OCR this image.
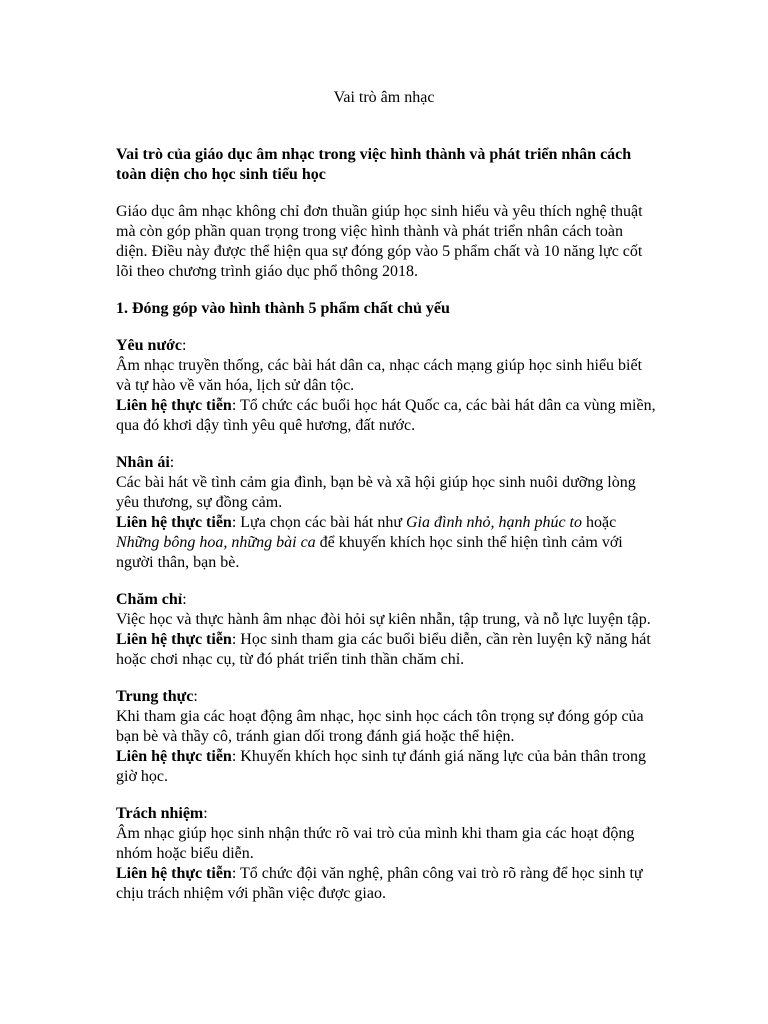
Vai trò âm nhạc

Vai trò của giáo dục âm nhạc trong việc hình thành và phát triển nhân cách toàn diện cho học sinh tiểu học

Giáo dục âm nhạc không chỉ đơn thuần giúp học sinh hiểu và yêu thích nghệ thuật mà còn góp phần quan trọng trong việc hình thành và phát triển nhân cách toàn diện. Điều này được thể hiện qua sự đóng góp vào 5 phẩm chất và 10 năng lực cốt lõi theo chương trình giáo dục phổ thông 2018.

1. Đóng góp vào hình thành 5 phẩm chất chủ yếu

Yêu nước:

Âm nhạc truyền thống, các bài hát dân ca, nhạc cách mạng giúp học sinh hiểu biết và tự hào về văn hóa, lịch sử dân tộc.

Liên hệ thực tiễn: Tổ chức các buổi học hát Quốc ca, các bài hát dân ca vùng miền, qua đó khơi dậy tình yêu quê hương, đất nước.

Nhân ái:

Các bài hát về tình cảm gia đình, bạn bè và xã hội giúp học sinh nuôi dưỡng lòng yêu thương, sự đồng cảm.

Liên hệ thực tiễn: Lựa chọn các bài hát như Gia đình nhỏ, hạnh phúc to hoặc Những bông hoa, những bài ca để khuyến khích học sinh thể hiện tình cảm với người thân, bạn bè.

Chăm chỉ:

Việc học và thực hành âm nhạc đòi hỏi sự kiên nhẫn, tập trung, và nỗ lực luyện tập.

Liên hệ thực tiễn: Học sinh tham gia các buổi biểu diễn, cần rèn luyện kỹ năng hát hoặc chơi nhạc cụ, từ đó phát triển tinh thần chăm chỉ.

Trung thực:

Khi tham gia các hoạt động âm nhạc, học sinh học cách tôn trọng sự đóng góp của bạn bè và thầy cô, tránh gian dối trong đánh giá hoặc thể hiện.

Liên hệ thực tiễn: Khuyến khích học sinh tự đánh giá năng lực của bản thân trong giờ học.

Trách nhiệm:

Âm nhạc giúp học sinh nhận thức rõ vai trò của mình khi tham gia các hoạt động nhóm hoặc biểu diễn.

Liên hệ thực tiễn: Tổ chức đội văn nghệ, phân công vai trò rõ ràng để học sinh tự chịu trách nhiệm với phần việc được giao.
